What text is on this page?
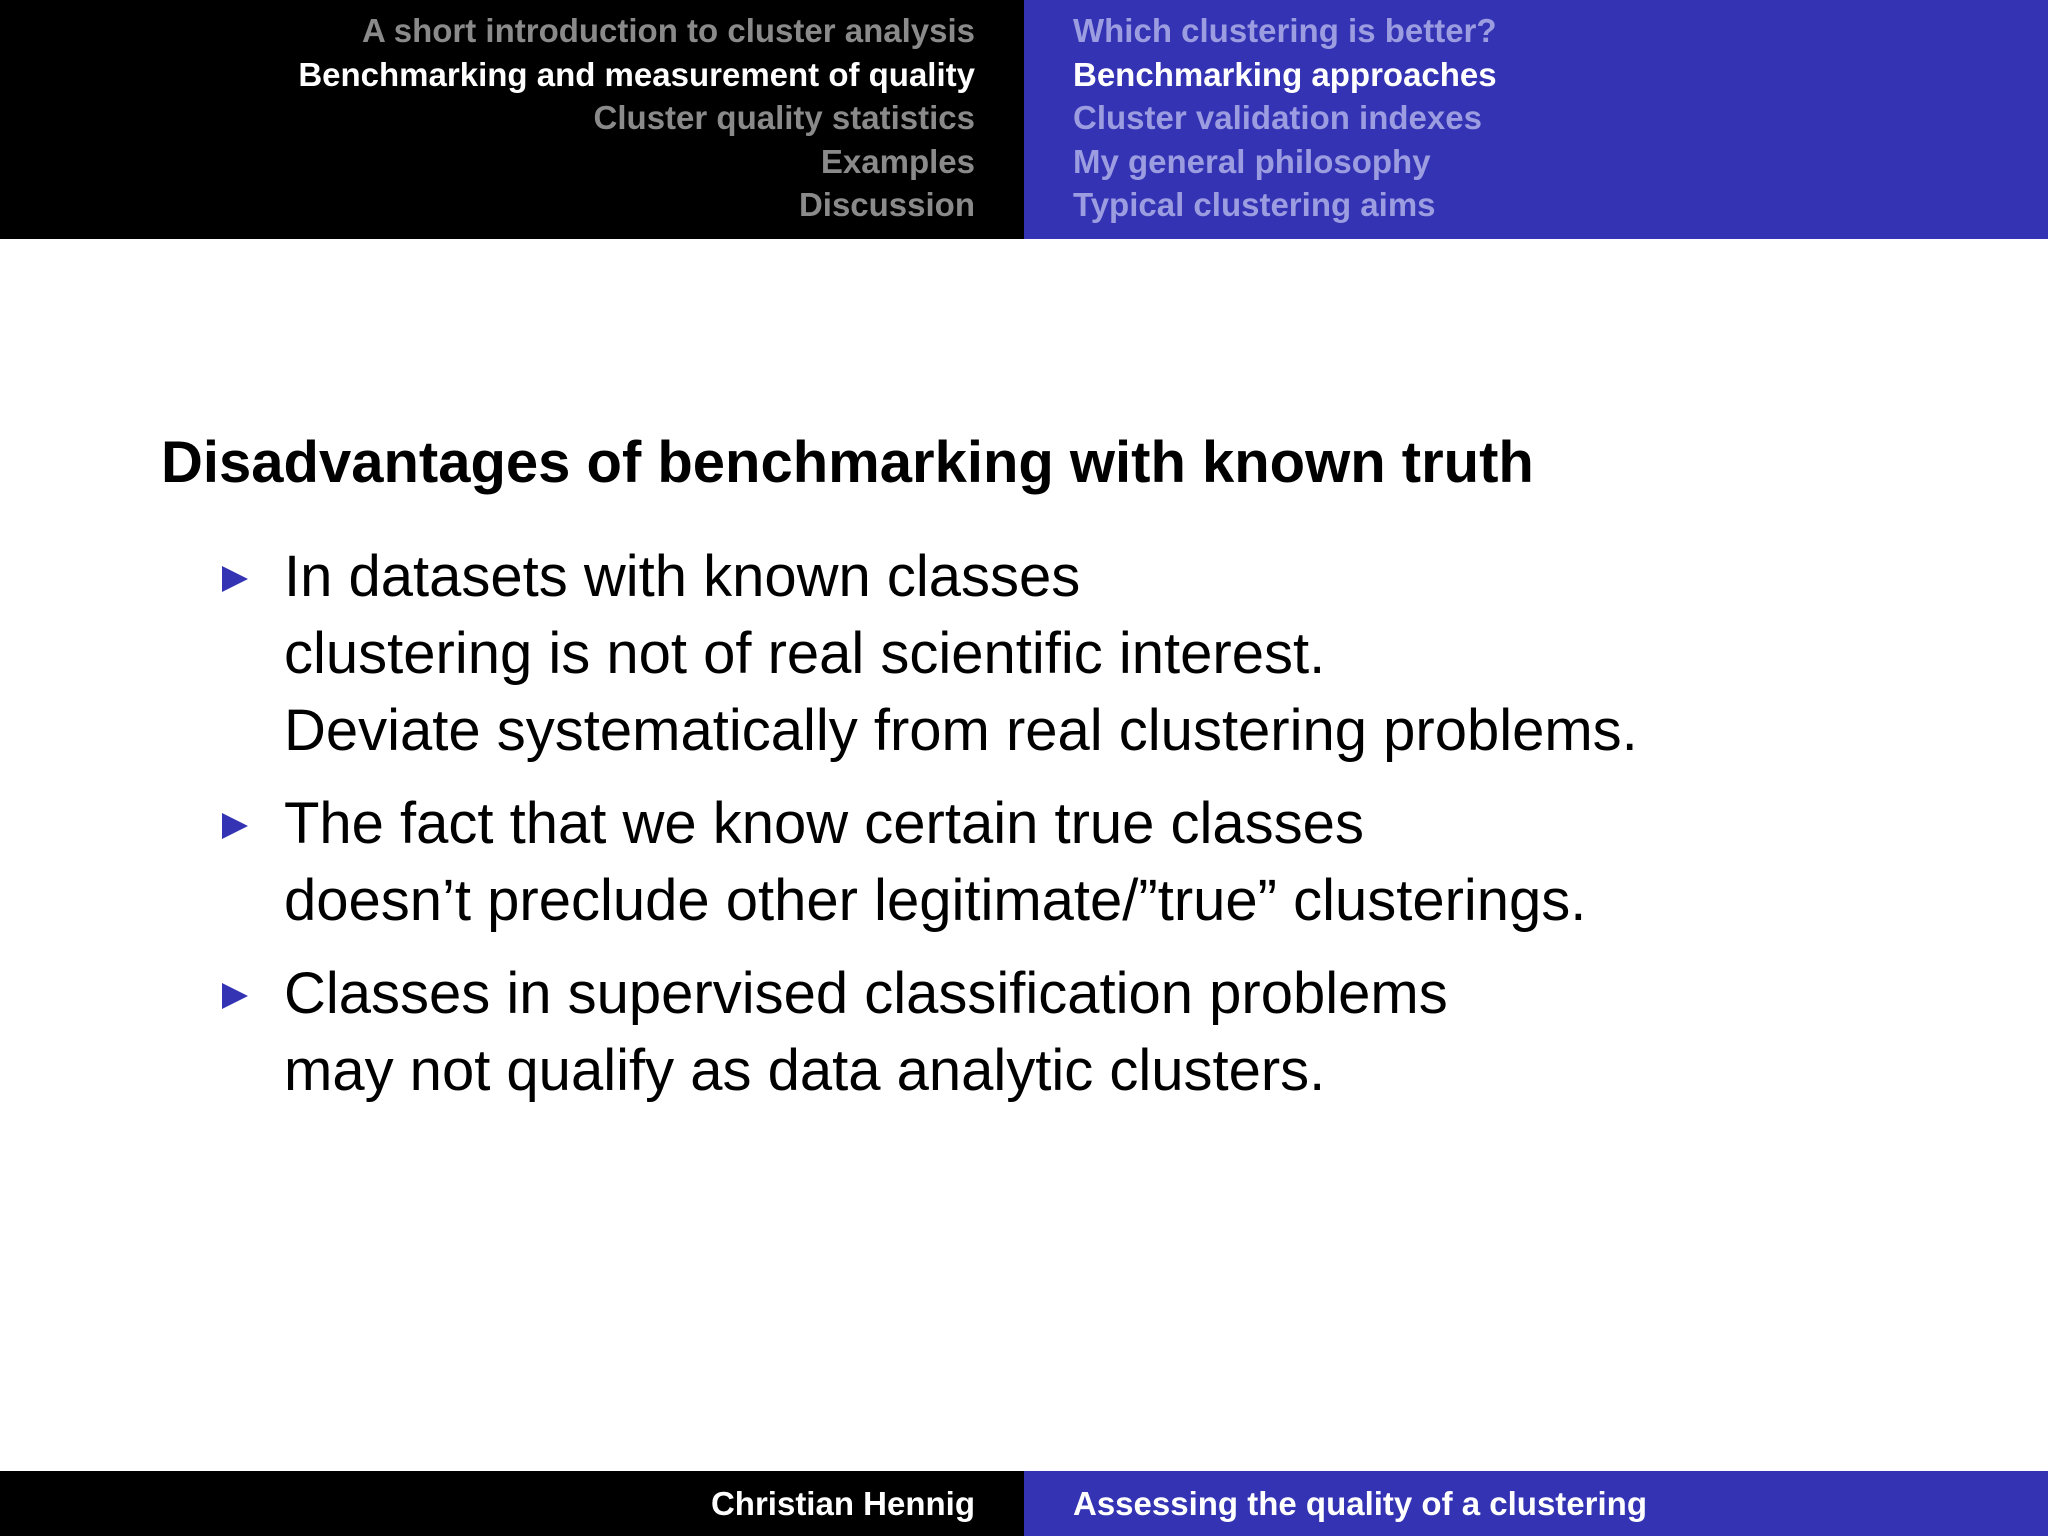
A short introduction to cluster analysis
Benchmarking and measurement of quality
Cluster quality statistics
Examples
Discussion
Which clustering is better?
Benchmarking approaches
Cluster validation indexes
My general philosophy
Typical clustering aims
Disadvantages of benchmarking with known truth
In datasets with known classes
clustering is not of real scientific interest.
Deviate systematically from real clustering problems.
The fact that we know certain true classes
doesn’t preclude other legitimate/”true” clusterings.
Classes in supervised classification problems
may not qualify as data analytic clusters.
Christian Hennig	Assessing the quality of a clustering
